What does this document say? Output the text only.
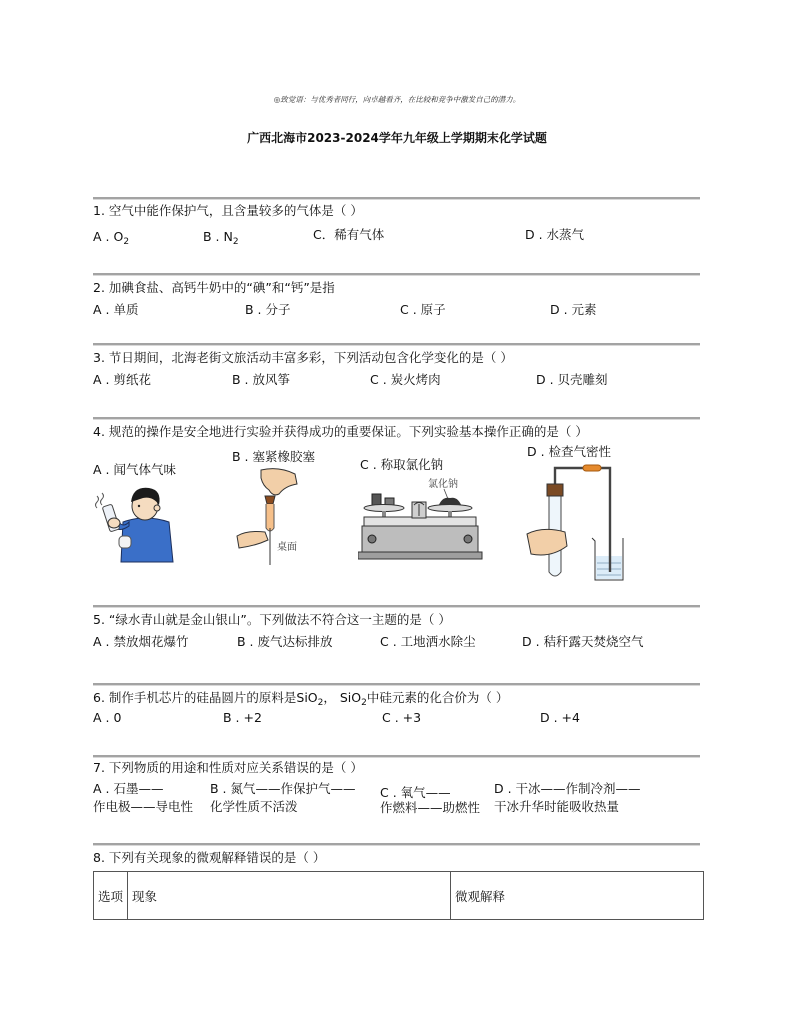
◎致觉语：与优秀者同行，向卓越看齐，在比较和竞争中激发自己的潜力。
广西北海市2023-2024学年九年级上学期期末化学试题
1. 空气中能作保护气，且含量较多的气体是（ ）
A . $O_2$	B . $N_2$	C．稀有气体	D . 水蒸气
2. 加碘食盐、高钙牛奶中的“碘”和“钙”是指
A . 单质	B . 分子	C . 原子	D . 元素
3. 节日期间，北海老街文旅活动丰富多彩，下列活动包含化学变化的是（ ）
A . 剪纸花	B . 放风筝	C . 炭火烤肉	D . 贝壳雕刻
4. 规范的操作是安全地进行实验并获得成功的重要保证。下列实验基本操作正确的是（ ）
A . 闻气体气味
B . 塞紧橡胶塞
C . 称取氯化钠
D . 检查气密性
桌面
氯化钠
5. “绿水青山就是金山银山”。下列做法不符合这一主题的是（ ）
A . 禁放烟花爆竹	B . 废气达标排放	C . 工地洒水除尘	D . 秸秆露天焚烧空气
6. 制作手机芯片的硅晶圆片的原料是SiO$_2$， SiO$_2$中硅元素的化合价为（ ）
A . 0	B . +2	C . +3	D . +4
7. 下列物质的用途和性质对应关系错误的是（ ）
A . 石墨——
作电极——导电性
B . 氮气——作保护气——
化学性质不活泼
C . 氧气——
作燃料——助燃性
D . 干冰——作制冷剂——
干冰升华时能吸收热量
8. 下列有关现象的微观解释错误的是（ ）
选项	现象	微观解释
